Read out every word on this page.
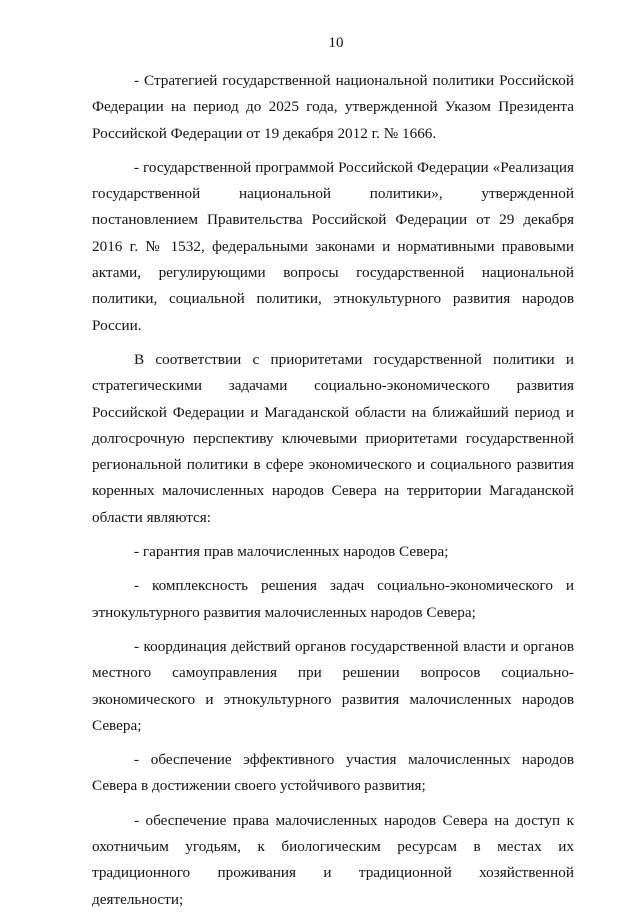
10

- Стратегией государственной национальной политики Российской Федерации на период до 2025 года, утвержденной Указом Президента Российской Федерации от 19 декабря 2012 г. № 1666.

- государственной программой Российской Федерации «Реализация государственной национальной политики», утвержденной постановлением Правительства Российской Федерации от 29 декабря 2016 г. № 1532, федеральными законами и нормативными правовыми актами, регулирующими вопросы государственной национальной политики, социальной политики, этнокультурного развития народов России.

В соответствии с приоритетами государственной политики и стратегическими задачами социально-экономического развития Российской Федерации и Магаданской области на ближайший период и долгосрочную перспективу ключевыми приоритетами государственной региональной политики в сфере экономического и социального развития коренных малочисленных народов Севера на территории Магаданской области являются:

- гарантия прав малочисленных народов Севера;

- комплексность решения задач социально-экономического и этнокультурного развития малочисленных народов Севера;

- координация действий органов государственной власти и органов местного самоуправления при решении вопросов социально-экономического и этнокультурного развития малочисленных народов Севера;

- обеспечение эффективного участия малочисленных народов Севера в достижении своего устойчивого развития;

- обеспечение права малочисленных народов Севера на доступ к охотничьим угодьям, к биологическим ресурсам в местах их традиционного проживания и традиционной хозяйственной деятельности;
